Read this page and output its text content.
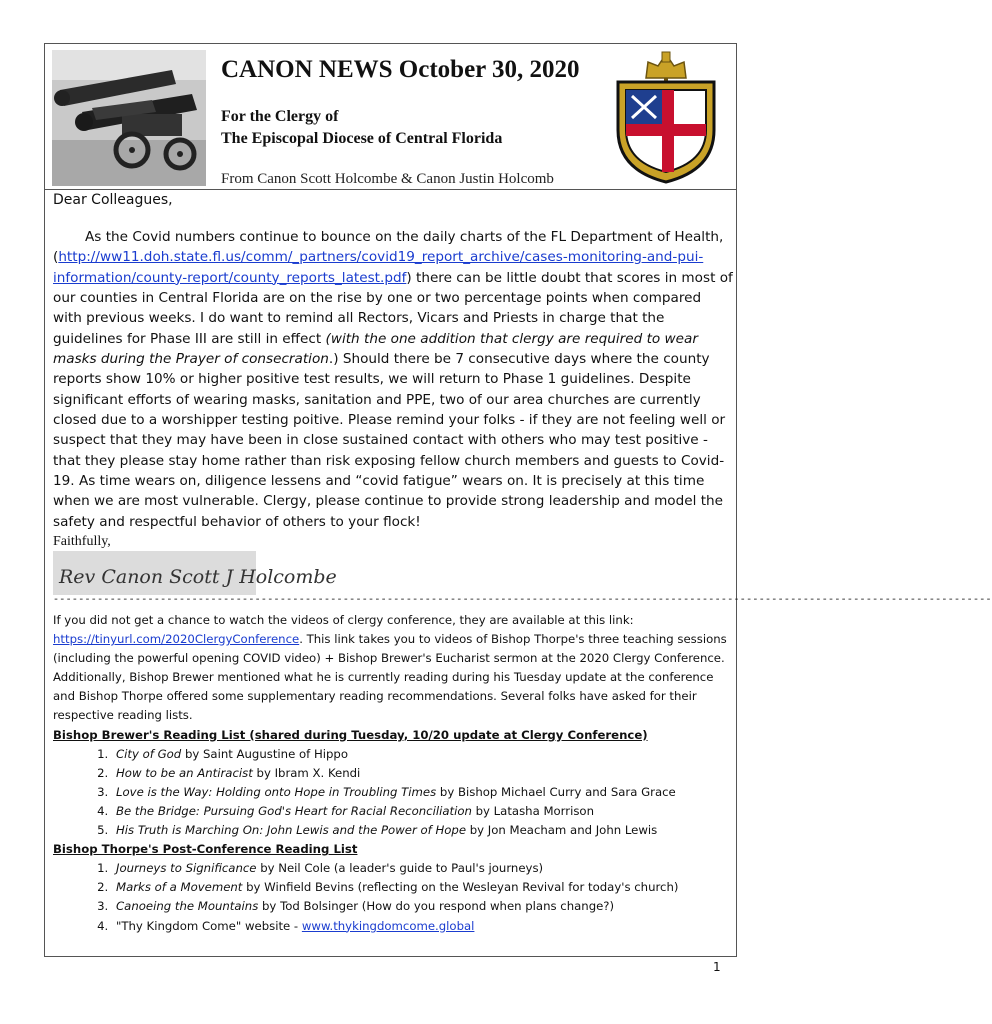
CANON NEWS October 30, 2020
For the Clergy of
The Episcopal Diocese of Central Florida
From Canon Scott Holcombe & Canon Justin Holcomb
Dear Colleagues,

As the Covid numbers continue to bounce on the daily charts of the FL Department of Health, (http://ww11.doh.state.fl.us/comm/_partners/covid19_report_archive/cases-monitoring-and-pui-information/county-report/county_reports_latest.pdf) there can be little doubt that scores in most of our counties in Central Florida are on the rise by one or two percentage points when compared with previous weeks. I do want to remind all Rectors, Vicars and Priests in charge that the guidelines for Phase III are still in effect (with the one addition that clergy are required to wear masks during the Prayer of consecration.) Should there be 7 consecutive days where the county reports show 10% or higher positive test results, we will return to Phase 1 guidelines. Despite significant efforts of wearing masks, sanitation and PPE, two of our area churches are currently closed due to a worshipper testing poitive. Please remind your folks - if they are not feeling well or suspect that they may have been in close sustained contact with others who may test positive - that they please stay home rather than risk exposing fellow church members and guests to Covid-19. As time wears on, diligence lessens and “covid fatigue” wears on. It is precisely at this time when we are most vulnerable. Clergy, please continue to provide strong leadership and model the safety and respectful behavior of others to your flock!

Faithfully,
Rev Canon Scott J Holcombe
-----------------------------------------------------------------------------------------------------------------------------------------------------

If you did not get a chance to watch the videos of clergy conference, they are available at this link: https://tinyurl.com/2020ClergyConference. This link takes you to videos of Bishop Thorpe's three teaching sessions (including the powerful opening COVID video) + Bishop Brewer's Eucharist sermon at the 2020 Clergy Conference.

Additionally, Bishop Brewer mentioned what he is currently reading during his Tuesday update at the conference and Bishop Thorpe offered some supplementary reading recommendations. Several folks have asked for their respective reading lists.

Bishop Brewer's Reading List (shared during Tuesday, 10/20 update at Clergy Conference)
1. City of God by Saint Augustine of Hippo
2. How to be an Antiracist by Ibram X. Kendi
3. Love is the Way: Holding onto Hope in Troubling Times by Bishop Michael Curry and Sara Grace
4. Be the Bridge: Pursuing God's Heart for Racial Reconciliation by Latasha Morrison
5. His Truth is Marching On: John Lewis and the Power of Hope by Jon Meacham and John Lewis
Bishop Thorpe's Post-Conference Reading List
1. Journeys to Significance by Neil Cole (a leader's guide to Paul's journeys)
2. Marks of a Movement by Winfield Bevins (reflecting on the Wesleyan Revival for today's church)
3. Canoeing the Mountains by Tod Bolsinger (How do you respond when plans change?)
4. "Thy Kingdom Come" website - www.thykingdomcome.global
1
